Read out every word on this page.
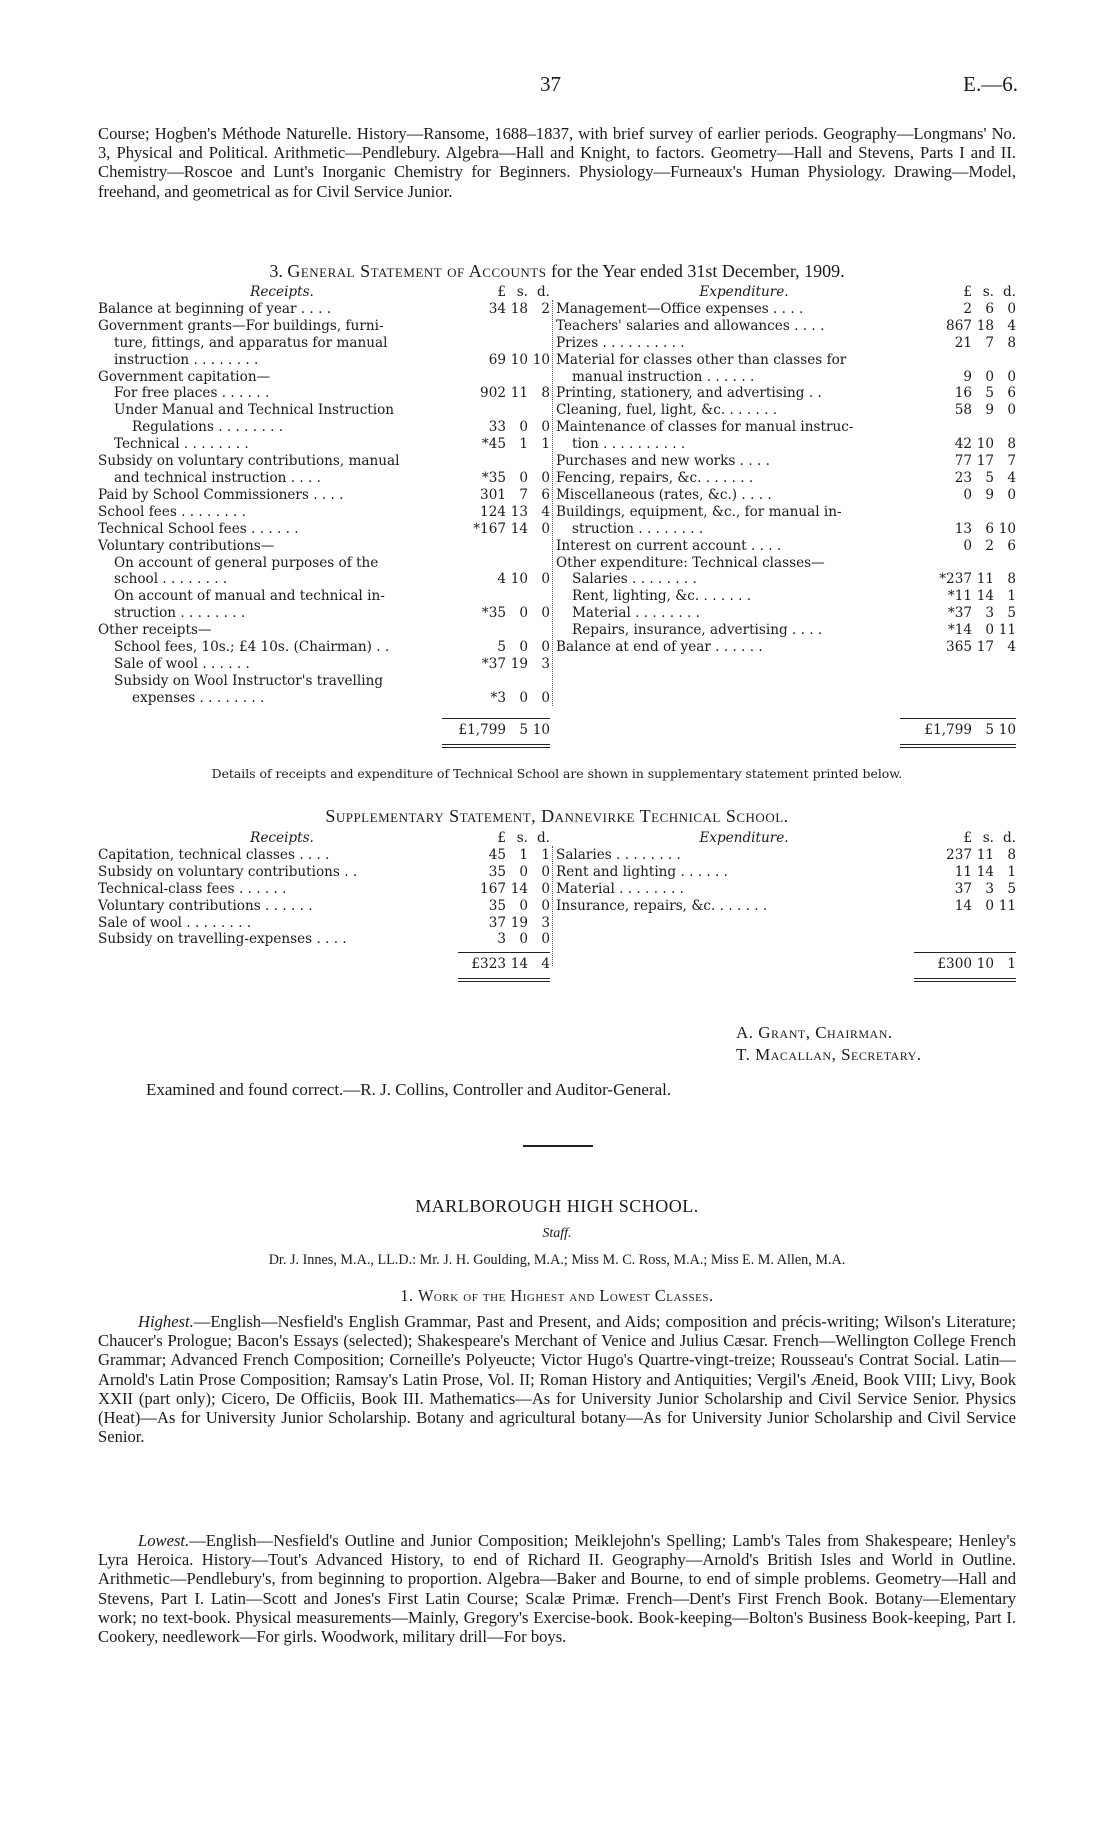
37	E.—6.

Course; Hogben's Méthode Naturelle. History—Ransome, 1688–1837, with brief survey of earlier periods. Geography—Longmans' No. 3, Physical and Political. Arithmetic—Pendlebury. Algebra—Hall and Knight, to factors. Geometry—Hall and Stevens, Parts I and II. Chemistry—Roscoe and Lunt's Inorganic Chemistry for Beginners. Physiology—Furneaux's Human Physiology. Drawing—Model, freehand, and geometrical as for Civil Service Junior.

3. General Statement of Accounts for the Year ended 31st December, 1909.
Receipts.	£	s.	d.
Balance at beginning of year . . . .	34	18	2
Government grants—For buildings, furni-			
ture, fittings, and apparatus for manual			
instruction . . . . . . . .	69	10	10
Government capitation—			
For free places . . . . . .	902	11	8
Under Manual and Technical Instruction			
Regulations . . . . . . . .	33	0	0
Technical . . . . . . . .	*45	1	1
Subsidy on voluntary contributions, manual			
and technical instruction . . . .	*35	0	0
Paid by School Commissioners . . . .	301	7	6
School fees . . . . . . . .	124	13	4
Technical School fees . . . . . .	*167	14	0
Voluntary contributions—			
On account of general purposes of the			
school . . . . . . . .	4	10	0
On account of manual and technical in-			
struction . . . . . . . .	*35	0	0
Other receipts—			
School fees, 10s.; £4 10s. (Chairman) . .	5	0	0
Sale of wool . . . . . .	*37	19	3
Subsidy on Wool Instructor's travelling			
expenses . . . . . . . .	*3	0	0
Expenditure.	£	s.	d.
Management—Office expenses . . . .	2	6	0
Teachers' salaries and allowances . . . .	867	18	4
Prizes . . . . . . . . . .	21	7	8
Material for classes other than classes for			
manual instruction . . . . . .	9	0	0
Printing, stationery, and advertising . .	16	5	6
Cleaning, fuel, light, &c. . . . . . .	58	9	0
Maintenance of classes for manual instruc-			
tion . . . . . . . . . .	42	10	8
Purchases and new works . . . .	77	17	7
Fencing, repairs, &c. . . . . . .	23	5	4
Miscellaneous (rates, &c.) . . . .	0	9	0
Buildings, equipment, &c., for manual in-			
struction . . . . . . . .	13	6	10
Interest on current account . . . .	0	2	6
Other expenditure: Technical classes—			
Salaries . . . . . . . .	*237	11	8
Rent, lighting, &c. . . . . . .	*11	14	1
Material . . . . . . . .	*37	3	5
Repairs, insurance, advertising . . . .	*14	0	11
Balance at end of year . . . . . .	365	17	4
£1,799	5	10	£1,799	5	10
Details of receipts and expenditure of Technical School are shown in supplementary statement printed below.
Supplementary Statement, Dannevirke Technical School.
Receipts.	£	s.	d.
Capitation, technical classes . . . .	45	1	1
Subsidy on voluntary contributions . .	35	0	0
Technical-class fees . . . . . .	167	14	0
Voluntary contributions . . . . . .	35	0	0
Sale of wool . . . . . . . .	37	19	3
Subsidy on travelling-expenses . . . .	3	0	0
Expenditure.	£	s.	d.
Salaries . . . . . . . .	237	11	8
Rent and lighting . . . . . .	11	14	1
Material . . . . . . . .	37	3	5
Insurance, repairs, &c. . . . . . .	14	0	11
£323	14	4	£300	10	1
A. Grant, Chairman.
T. Macallan, Secretary.
Examined and found correct.—R. J. Collins, Controller and Auditor-General.
MARLBOROUGH HIGH SCHOOL.
Staff.
Dr. J. Innes, M.A., LL.D.: Mr. J. H. Goulding, M.A.; Miss M. C. Ross, M.A.; Miss E. M. Allen, M.A.
1. Work of the Highest and Lowest Classes.

Highest.—English—Nesfield's English Grammar, Past and Present, and Aids; composition and précis-writing; Wilson's Literature; Chaucer's Prologue; Bacon's Essays (selected); Shakespeare's Merchant of Venice and Julius Cæsar. French—Wellington College French Grammar; Advanced French Composition; Corneille's Polyeucte; Victor Hugo's Quartre-vingt-treize; Rousseau's Contrat Social. Latin—Arnold's Latin Prose Composition; Ramsay's Latin Prose, Vol. II; Roman History and Antiquities; Vergil's Æneid, Book VIII; Livy, Book XXII (part only); Cicero, De Officiis, Book III. Mathematics—As for University Junior Scholarship and Civil Service Senior. Physics (Heat)—As for University Junior Scholarship. Botany and agricultural botany—As for University Junior Scholarship and Civil Service Senior.

Lowest.—English—Nesfield's Outline and Junior Composition; Meiklejohn's Spelling; Lamb's Tales from Shakespeare; Henley's Lyra Heroica. History—Tout's Advanced History, to end of Richard II. Geography—Arnold's British Isles and World in Outline. Arithmetic—Pendlebury's, from beginning to proportion. Algebra—Baker and Bourne, to end of simple problems. Geometry—Hall and Stevens, Part I. Latin—Scott and Jones's First Latin Course; Scalæ Primæ. French—Dent's First French Book. Botany—Elementary work; no text-book. Physical measurements—Mainly, Gregory's Exercise-book. Book-keeping—Bolton's Business Book-keeping, Part I. Cookery, needlework—For girls. Woodwork, military drill—For boys.
